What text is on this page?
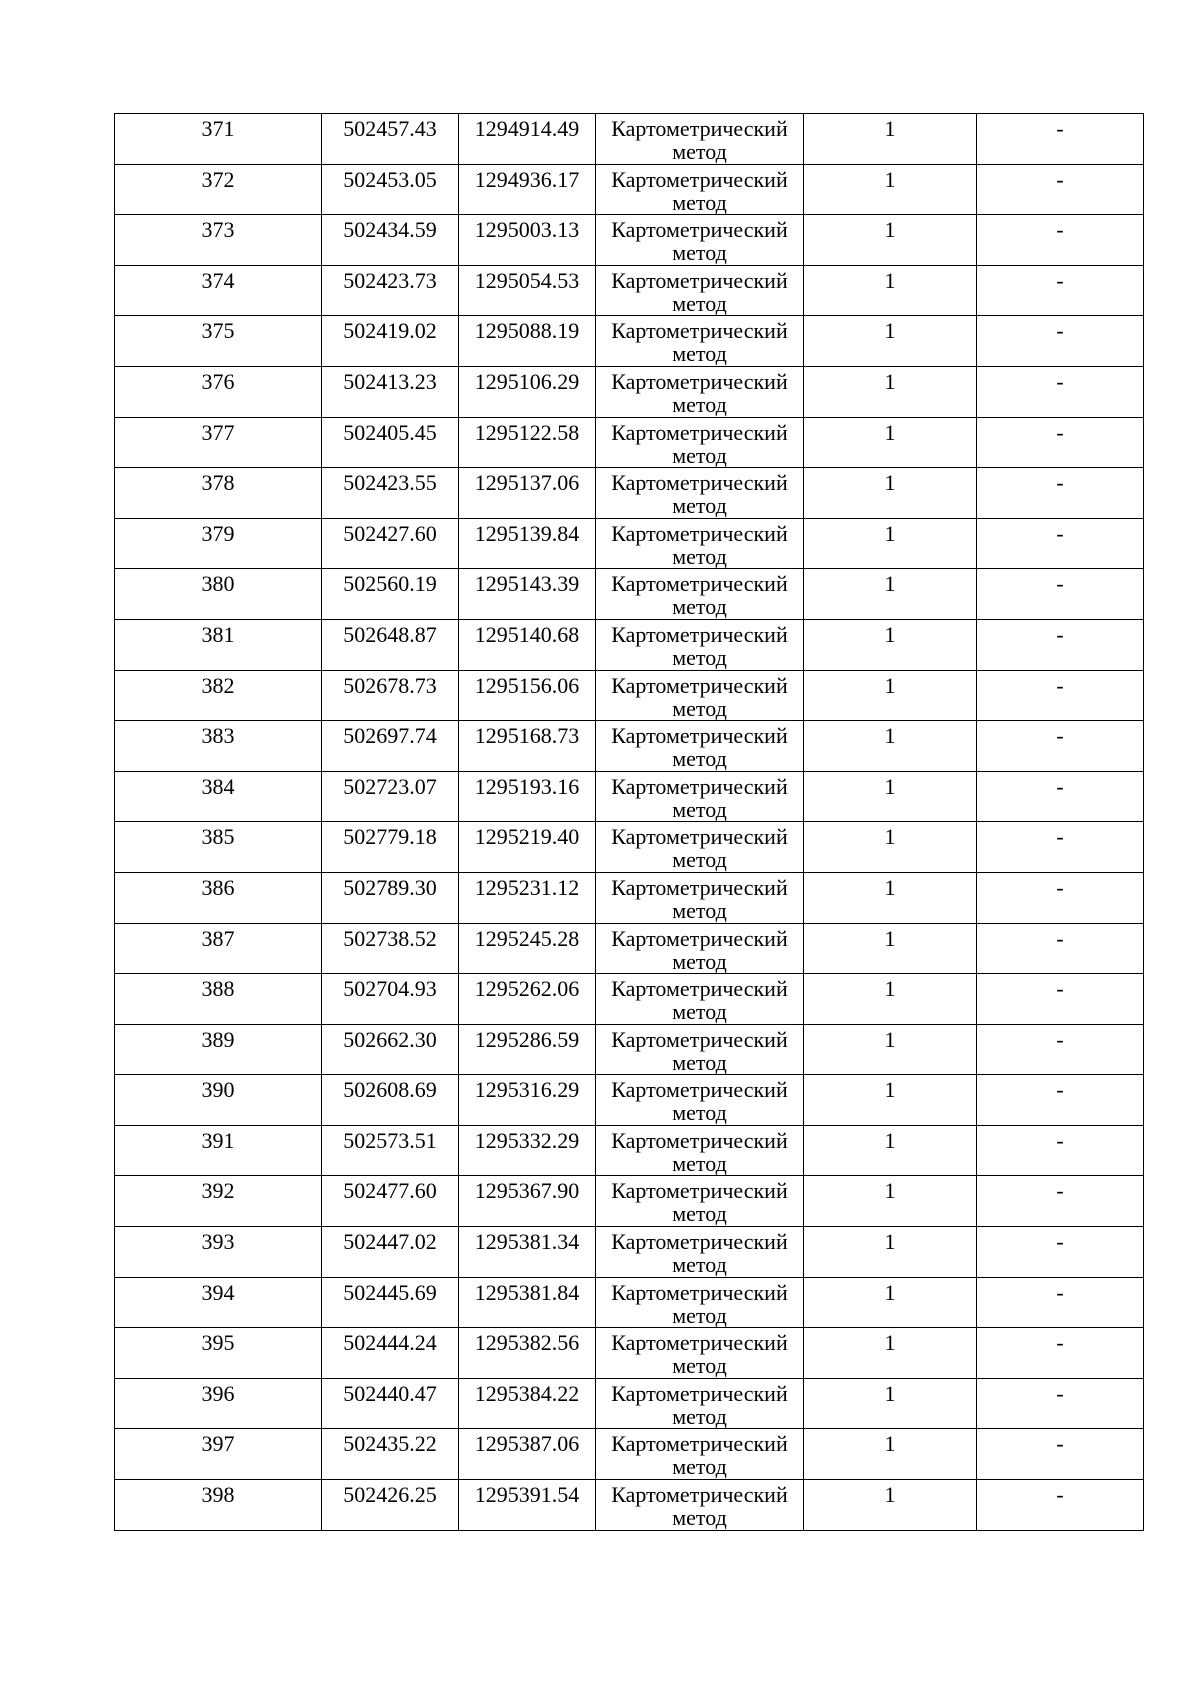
371	502457.43	1294914.49	Картометрический метод	1	-

372	502453.05	1294936.17	Картометрический метод	1	-

373	502434.59	1295003.13	Картометрический метод	1	-

374	502423.73	1295054.53	Картометрический метод	1	-

375	502419.02	1295088.19	Картометрический метод	1	-

376	502413.23	1295106.29	Картометрический метод	1	-

377	502405.45	1295122.58	Картометрический метод	1	-

378	502423.55	1295137.06	Картометрический метод	1	-

379	502427.60	1295139.84	Картометрический метод	1	-

380	502560.19	1295143.39	Картометрический метод	1	-

381	502648.87	1295140.68	Картометрический метод	1	-

382	502678.73	1295156.06	Картометрический метод	1	-

383	502697.74	1295168.73	Картометрический метод	1	-

384	502723.07	1295193.16	Картометрический метод	1	-

385	502779.18	1295219.40	Картометрический метод	1	-

386	502789.30	1295231.12	Картометрический метод	1	-

387	502738.52	1295245.28	Картометрический метод	1	-

388	502704.93	1295262.06	Картометрический метод	1	-

389	502662.30	1295286.59	Картометрический метод	1	-

390	502608.69	1295316.29	Картометрический метод	1	-

391	502573.51	1295332.29	Картометрический метод	1	-

392	502477.60	1295367.90	Картометрический метод	1	-

393	502447.02	1295381.34	Картометрический метод	1	-

394	502445.69	1295381.84	Картометрический метод	1	-

395	502444.24	1295382.56	Картометрический метод	1	-

396	502440.47	1295384.22	Картометрический метод	1	-

397	502435.22	1295387.06	Картометрический метод	1	-

398	502426.25	1295391.54	Картометрический метод	1	-
